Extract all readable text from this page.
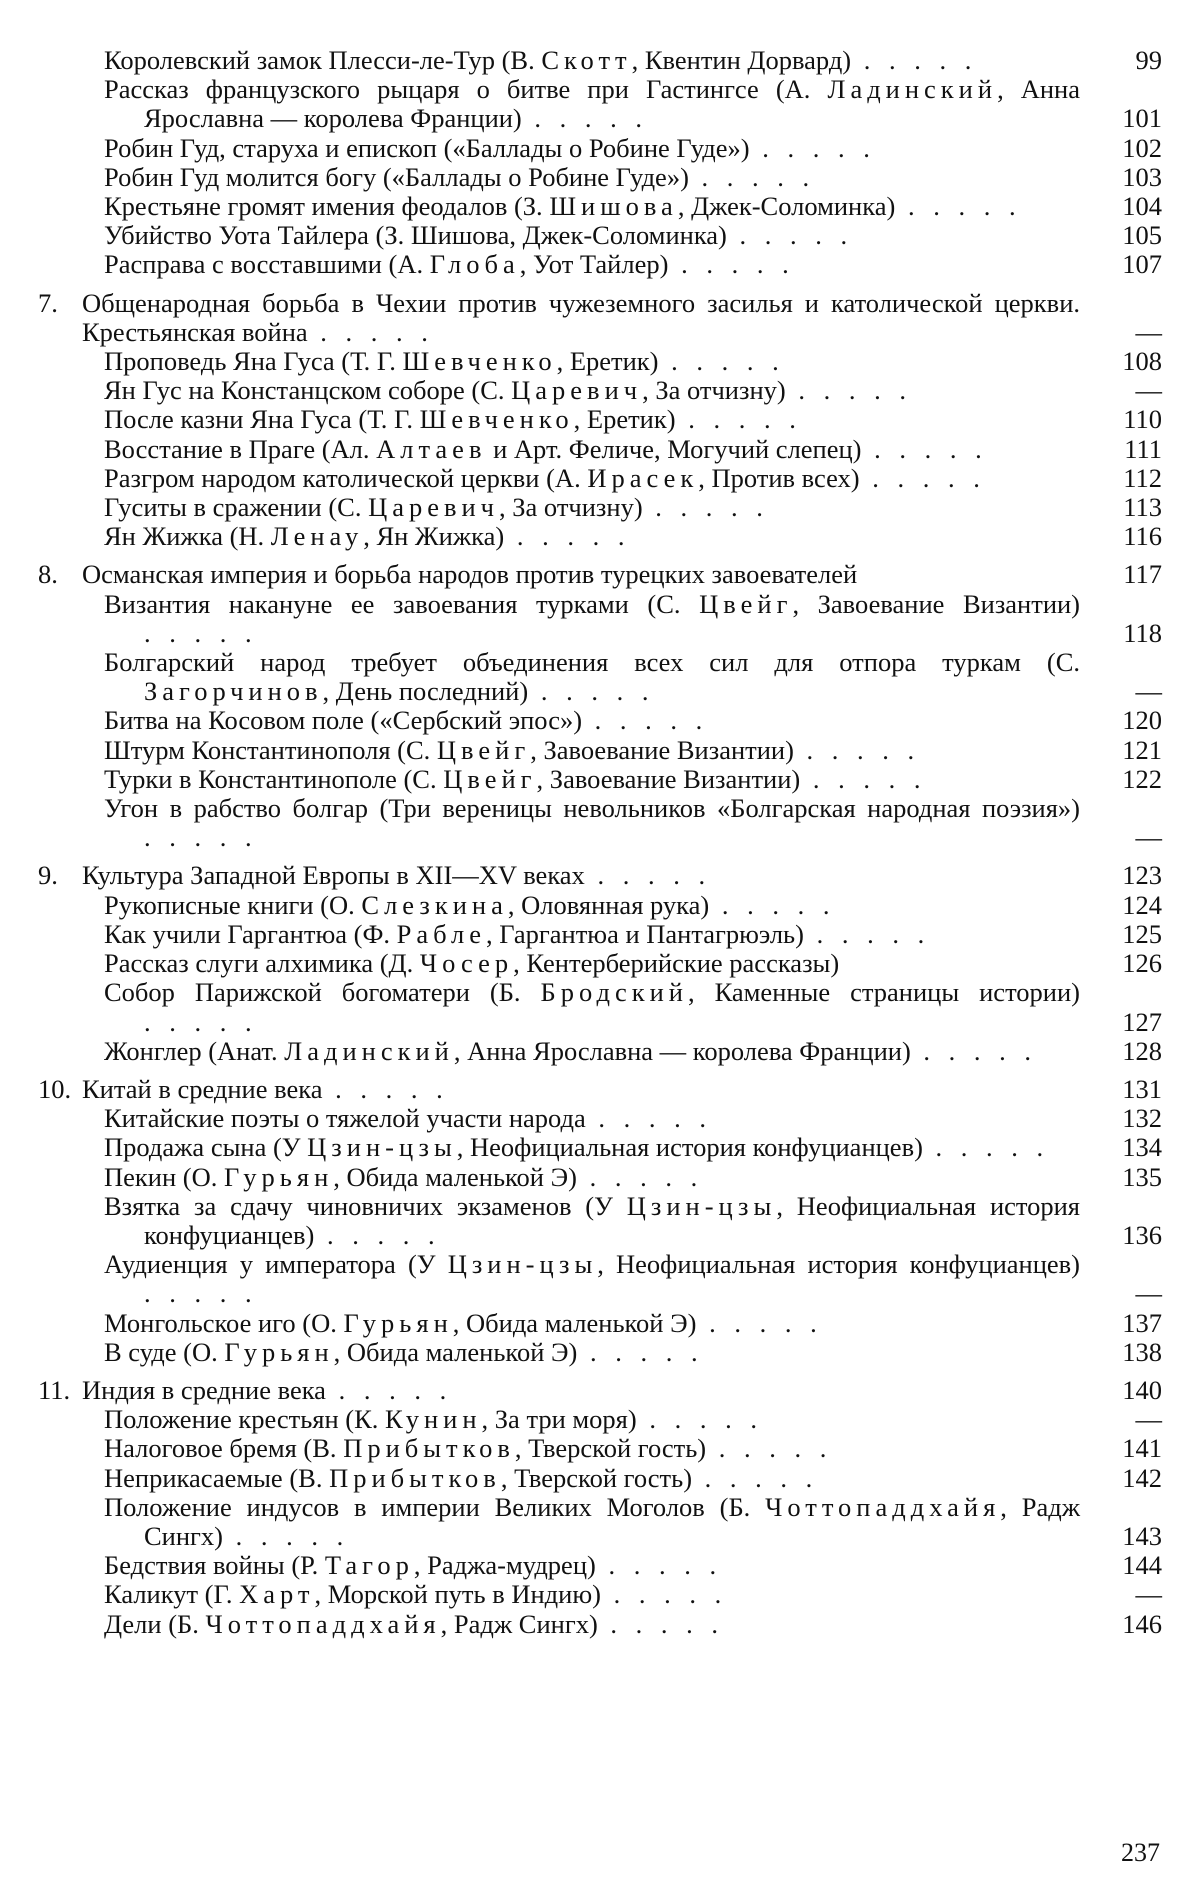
Королевский замок Плесси-ле-Тур (В. Скотт, Квентин Дорвард) . . . . .	99
Рассказ французского рыцаря о битве при Гастингсе (А. Ладинский, Анна Ярославна — королева Франции) . . . . .	101
Робин Гуд, старуха и епископ («Баллады о Робине Гуде») . . . . .	102
Робин Гуд молится богу («Баллады о Робине Гуде») . . . . .	103
Крестьяне громят имения феодалов (З. Шишова, Джек-Соломинка) . . . . .	104
Убийство Уота Тайлера (З. Шишова, Джек-Соломинка) . . . . .	105
Расправа с восставшими (А. Глоба, Уот Тайлер) . . . . .	107
7. Общенародная борьба в Чехии против чужеземного засилья и католической церкви. Крестьянская война . . . . .	—
Проповедь Яна Гуса (Т. Г. Шевченко, Еретик) . . . . .	108
Ян Гус на Констанцском соборе (С. Царевич, За отчизну) . . . . .	—
После казни Яна Гуса (Т. Г. Шевченко, Еретик) . . . . .	110
Восстание в Праге (Ал. Алтаев и Арт. Феличе, Могучий слепец) . . . . .	111
Разгром народом католической церкви (А. Ирасек, Против всех) . . . . .	112
Гуситы в сражении (С. Царевич, За отчизну) . . . . .	113
Ян Жижка (Н. Ленау, Ян Жижка) . . . . .	116
8. Османская империя и борьба народов против турецких завоевателей	117
Византия накануне ее завоевания турками (С. Цвейг, Завоевание Византии) . . . . .	118
Болгарский народ требует объединения всех сил для отпора туркам (С. Загорчинов, День последний) . . . . .	—
Битва на Косовом поле («Сербский эпос») . . . . .	120
Штурм Константинополя (С. Цвейг, Завоевание Византии) . . . . .	121
Турки в Константинополе (С. Цвейг, Завоевание Византии) . . . . .	122
Угон в рабство болгар (Три вереницы невольников «Болгарская народная поэзия») . . . . .	—
9. Культура Западной Европы в XII—XV веках . . . . .	123
Рукописные книги (О. Слезкина, Оловянная рука) . . . . .	124
Как учили Гаргантюа (Ф. Рабле, Гаргантюа и Пантагрюэль) . . . . .	125
Рассказ слуги алхимика (Д. Чосер, Кентерберийские рассказы)	126
Собор Парижской богоматери (Б. Бродский, Каменные страницы истории) . . . . .	127
Жонглер (Анат. Ладинский, Анна Ярославна — королева Франции) . . . . .	128
10. Китай в средние века . . . . .	131
Китайские поэты о тяжелой участи народа . . . . .	132
Продажа сына (У Цзин-цзы, Неофициальная история конфуцианцев) . . . . .	134
Пекин (О. Гурьян, Обида маленькой Э) . . . . .	135
Взятка за сдачу чиновничих экзаменов (У Цзин-цзы, Неофициальная история конфуцианцев) . . . . .	136
Аудиенция у императора (У Цзин-цзы, Неофициальная история конфуцианцев) . . . . .	—
Монгольское иго (О. Гурьян, Обида маленькой Э) . . . . .	137
В суде (О. Гурьян, Обида маленькой Э) . . . . .	138
11. Индия в средние века . . . . .	140
Положение крестьян (К. Кунин, За три моря) . . . . .	—
Налоговое бремя (В. Прибытков, Тверской гость) . . . . .	141
Неприкасаемые (В. Прибытков, Тверской гость) . . . . .	142
Положение индусов в империи Великих Моголов (Б. Чоттопаддхайя, Радж Сингх) . . . . .	143
Бедствия войны (Р. Тагор, Раджа-мудрец) . . . . .	144
Каликут (Г. Харт, Морской путь в Индию) . . . . .	—
Дели (Б. Чоттопаддхайя, Радж Сингх) . . . . .	146
237
